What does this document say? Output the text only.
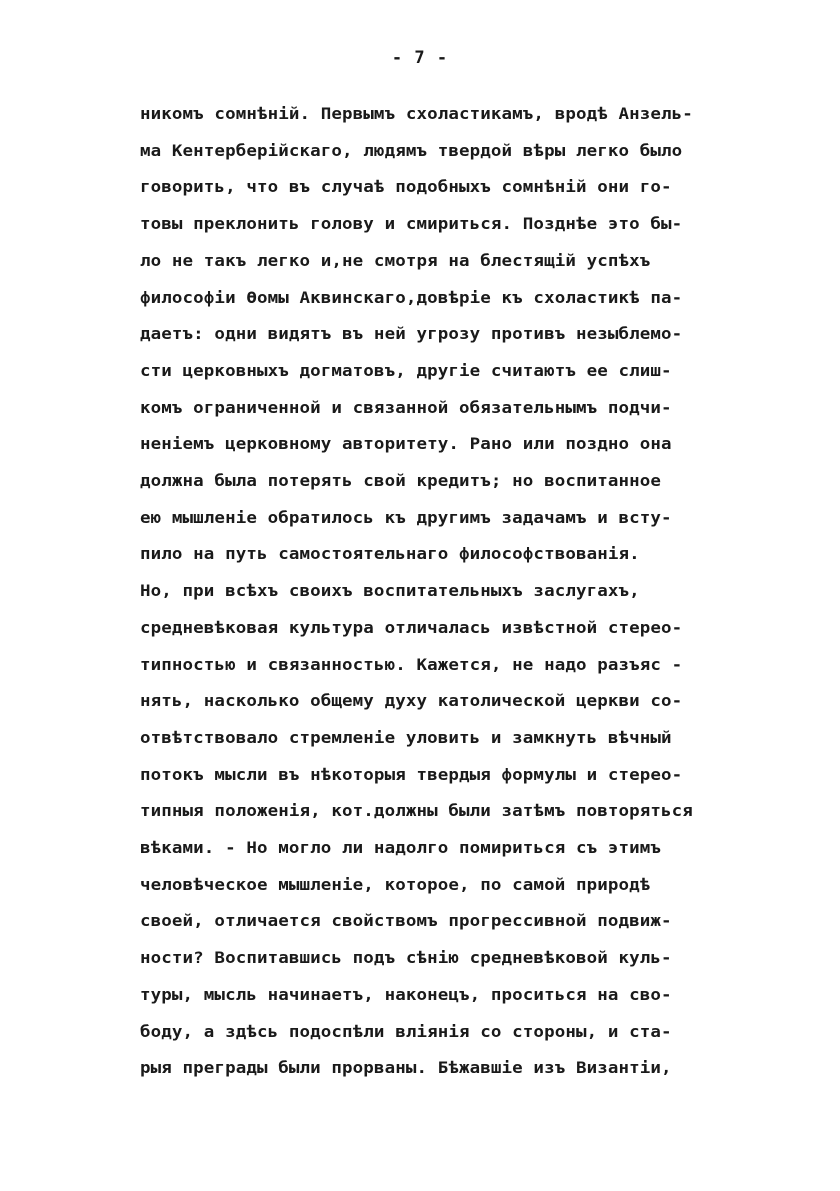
- 7 -
никомъ сомнѣній. Первымъ схоластикамъ, вродѣ Анзель-
ма Кентерберійскаго, людямъ твердой вѣры легко было
говорить, что въ случаѣ подобныхъ сомнѣній они го-
товы преклонить голову и смириться. Позднѣе это бы-
ло не такъ легко и,не смотря на блестящій успѣхъ
философіи Ѳомы Аквинскаго,довѣріе къ схоластикѣ па-
даетъ: одни видятъ въ ней угрозу противъ незыблемо-
сти церковныхъ догматовъ, другіе считаютъ ее слиш-
комъ ограниченной и связанной обязательнымъ подчи-
неніемъ церковному авторитету. Рано или поздно она
должна была потерять свой кредитъ; но воспитанное
ею мышленіе обратилось къ другимъ задачамъ и всту-
пило на путь самостоятельнаго философствованія.
Но, при всѣхъ своихъ воспитательныхъ заслугахъ,
средневѣковая культура отличалась извѣстной стерео-
типностью и связанностью. Кажется, не надо разъяс -
нять, насколько общему духу католической церкви со-
отвѣтствовало стремленіе уловить и замкнуть вѣчный
потокъ мысли въ нѣкоторыя твердыя формулы и стерео-
типныя положенія, кот.должны были затѣмъ повторяться
вѣками. - Но могло ли надолго помириться съ этимъ
человѣческое мышленіе, которое, по самой природѣ
своей, отличается свойствомъ прогрессивной подвиж-
ности? Воспитавшись подъ сѣнію средневѣковой куль-
туры, мысль начинаетъ, наконецъ, проситься на сво-
боду, а здѣсь подоспѣли вліянія со стороны, и ста-
рыя преграды были прорваны. Бѣжавшіе изъ Византіи,
